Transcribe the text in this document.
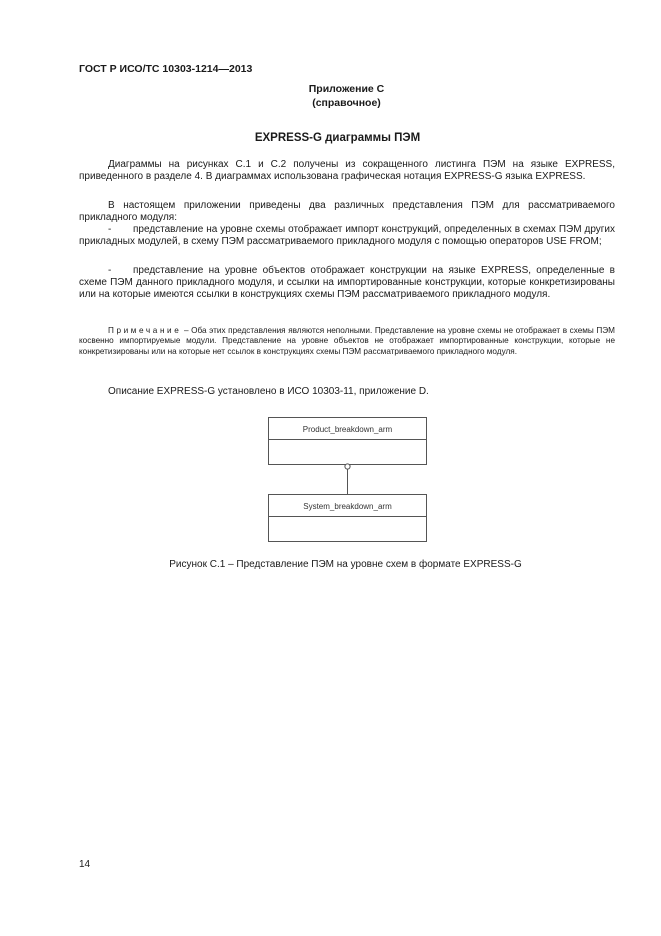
ГОСТ Р ИСО/ТС 10303-1214—2013
Приложение С
(справочное)
EXPRESS-G диаграммы ПЭМ
Диаграммы на рисунках С.1 и С.2 получены из сокращенного листинга ПЭМ на языке EXPRESS, приведенного в разделе 4. В диаграммах использована графическая нотация EXPRESS-G языка EXPRESS.
В настоящем приложении приведены два различных представления ПЭМ для рассматриваемого прикладного модуля:
- представление на уровне схемы отображает импорт конструкций, определенных в схемах ПЭМ других прикладных модулей, в схему ПЭМ рассматриваемого прикладного модуля с помощью операторов USE FROM;
- представление на уровне объектов отображает конструкции на языке EXPRESS, определенные в схеме ПЭМ данного прикладного модуля, и ссылки на импортированные конструкции, которые конкретизированы или на которые имеются ссылки в конструкциях схемы ПЭМ рассматриваемого прикладного модуля.
Примечание – Оба этих представления являются неполными. Представление на уровне схемы не отображает в схемы ПЭМ косвенно импортируемые модули. Представление на уровне объектов не отображает импортированные конструкции, которые не конкретизированы или на которые нет ссылок в конструкциях схемы ПЭМ рассматриваемого прикладного модуля.
Описание EXPRESS-G установлено в ИСО 10303-11, приложение D.
Product_breakdown_arm
System_breakdown_arm
Рисунок С.1 – Представление ПЭМ на уровне схем в формате EXPRESS-G
14
